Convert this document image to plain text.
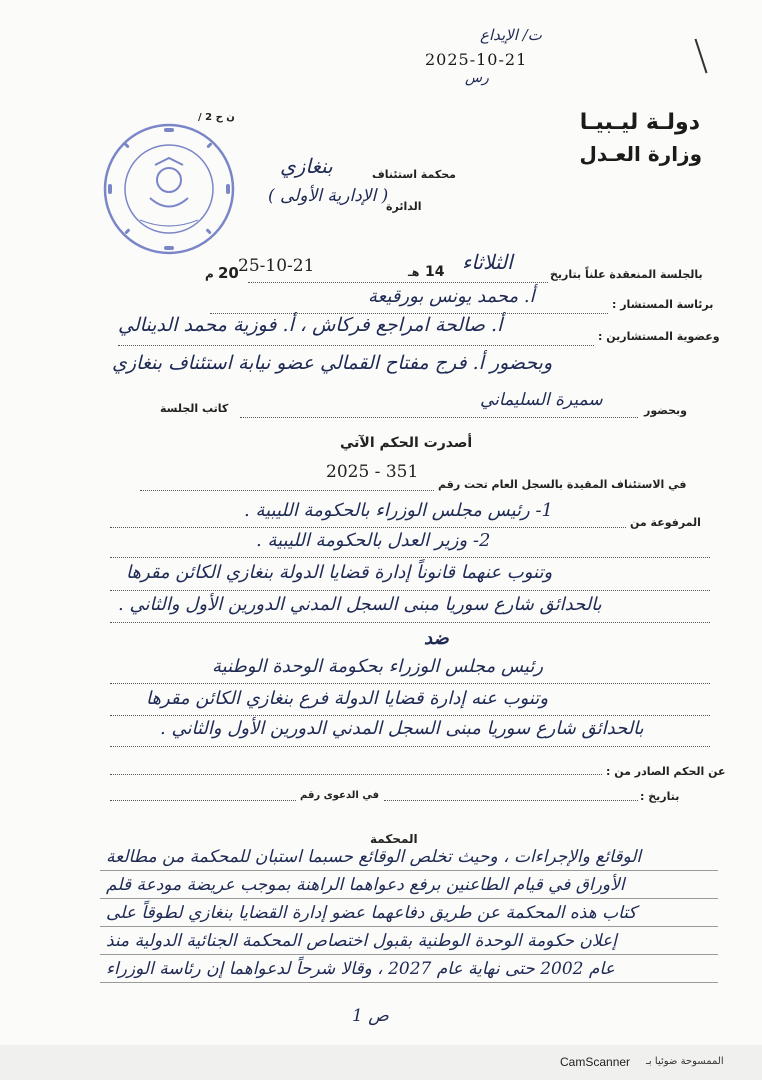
ت/ الإيداع
2025-10-21
رس
دولـة ليـبيـا
وزارة العـدل
ن ح 2 /
محكمة استئناف
بنغازي
الدائرة
( الإدارية الأولى )
بالجلسة المنعقدة علناً بتاريخ
الثلاثاء
14
هـ
م 20 25-10-21
برئاسة المستشار :
أ. محمد يونس بورقيعة
وعضوية المستشارين :
أ. صالحة امراجع فركاش ، أ. فوزية محمد الدينالي
وبحضور أ. فرج مفتاح القمالي عضو نيابة استئناف بنغازي
وبحضور
سميرة السليماني
كاتب الجلسة
أصدرت الحكم الآتي
في الاستئناف المقيدة بالسجل العام تحت رقم
2025 - 351
المرفوعة من
1- رئيس مجلس الوزراء بالحكومة الليبية .
2- وزير العدل بالحكومة الليبية .
وتنوب عنهما قانوناً إدارة قضايا الدولة بنغازي الكائن مقرها
بالحدائق شارع سوريا مبنى السجل المدني الدورين الأول والثاني .
ضد
رئيس مجلس الوزراء بحكومة الوحدة الوطنية
وتنوب عنه إدارة قضايا الدولة فرع بنغازي الكائن مقرها
بالحدائق شارع سوريا مبنى السجل المدني الدورين الأول والثاني .
عن الحكم الصادر من :
في الدعوى رقم	بتاريخ :
المحكمة
الوقائع والإجراءات ، وحيث تخلص الوقائع حسبما استبان للمحكمة من مطالعة
الأوراق في قيام الطاعنين برفع دعواهما الراهنة بموجب عريضة مودعة قلم
كتاب هذه المحكمة عن طريق دفاعهما عضو إدارة القضايا بنغازي لطوقاً على
إعلان حكومة الوحدة الوطنية بقبول اختصاص المحكمة الجنائية الدولية منذ
عام 2002 حتى نهاية عام 2027 ، وقالا شرحاً لدعواهما إن رئاسة الوزراء
ص 1
CamScanner الممسوحة ضوئيا بـ
